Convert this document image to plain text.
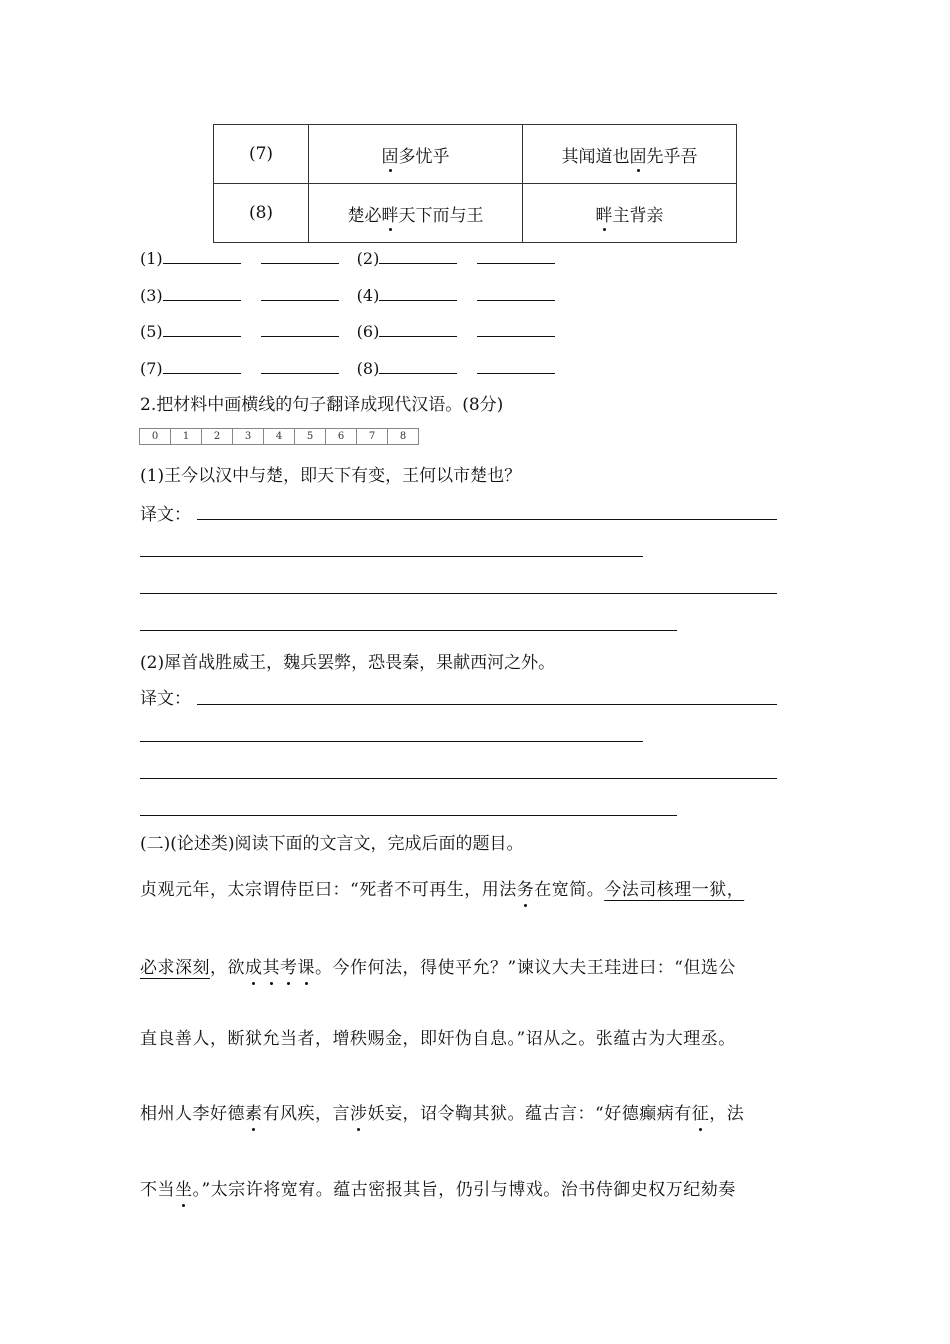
(7)	固多忧乎	其闻道也固先乎吾
(8)	楚必畔天下而与王	畔主背亲
(1)	(2)
(3)	(4)
(5)	(6)
(7)	(8)
2.把材料中画横线的句子翻译成现代汉语。(8分)
0	1	2	3	4	5	6	7	8
(1)王今以汉中与楚，即天下有变，王何以市楚也？
译文：
(2)犀首战胜威王，魏兵罢弊，恐畏秦，果献西河之外。
译文：
(二)(论述类)阅读下面的文言文，完成后面的题目。
贞观元年，太宗谓侍臣曰：“死者不可再生，用法务在宽简。今法司核理一狱，
必求深刻，欲成其考课。今作何法，得使平允？”谏议大夫王珪进曰：“但选公
直良善人，断狱允当者，增秩赐金，即奸伪自息。”诏从之。张蕴古为大理丞。
相州人李好德素有风疾，言涉妖妄，诏令鞫其狱。蕴古言：“好德癫病有征，法
不当坐。”太宗许将宽宥。蕴古密报其旨，仍引与博戏。治书侍御史权万纪劾奏
